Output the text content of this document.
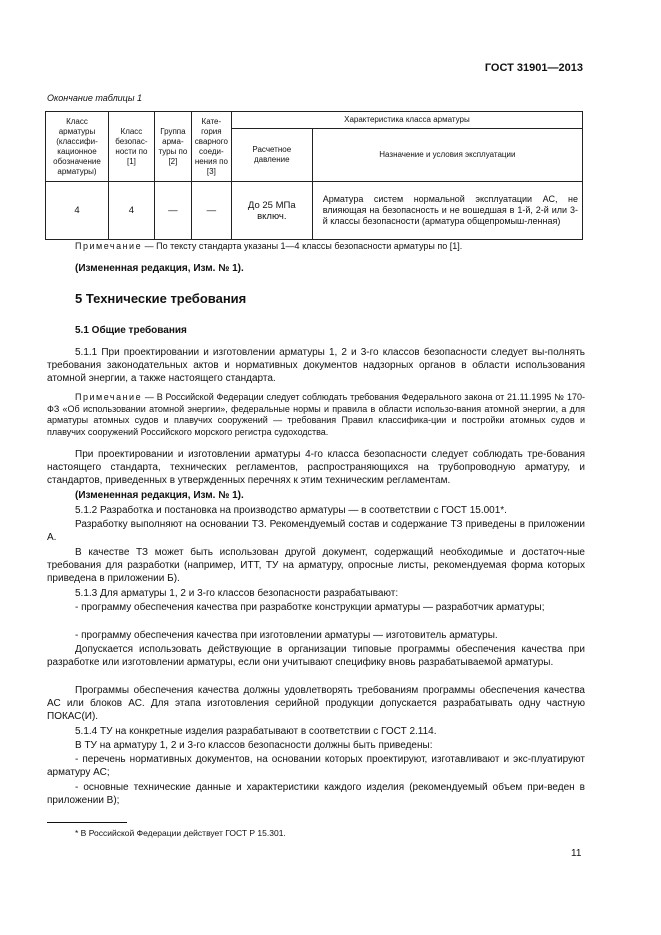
ГОСТ 31901—2013
Окончание таблицы 1
Класс арматуры (классифи-кационное обозначение арматуры)	Класс безопас-ности по [1]	Группа арма-туры по [2]	Кате-гория сварного соеди-нения по [3]	Характеристика класса арматуры	
				Расчетное давление	Назначение и условия эксплуатации
4	4	—	—	До 25 МПа включ.	Арматура систем нормальной эксплуатации АС, не влияющая на безопасность и не вошедшая в 1-й, 2-й или 3-й классы безопасности (арматура общепромыш-ленная)

Примечание — По тексту стандарта указаны 1—4 классы безопасности арматуры по [1].

(Измененная редакция, Изм. № 1).

5 Технические требования
5.1 Общие требования

5.1.1 При проектировании и изготовлении арматуры 1, 2 и 3-го классов безопасности следует вы-полнять требования законодательных актов и нормативных документов надзорных органов в области использования атомной энергии, а также настоящего стандарта.

Примечание — В Российской Федерации следует соблюдать требования Федерального закона от 21.11.1995 № 170-ФЗ «Об использовании атомной энергии», федеральные нормы и правила в области использо-вания атомной энергии, а для арматуры атомных судов и плавучих сооружений — требования Правил классифика-ции и постройки атомных судов и плавучих сооружений Российского морского регистра судоходства.

При проектировании и изготовлении арматуры 4-го класса безопасности следует соблюдать тре-бования настоящего стандарта, технических регламентов, распространяющихся на трубопроводную арматуру, и стандартов, приведенных в утвержденных перечнях к этим техническим регламентам.

(Измененная редакция, Изм. № 1).

5.1.2 Разработка и постановка на производство арматуры — в соответствии с ГОСТ 15.001*.

Разработку выполняют на основании ТЗ. Рекомендуемый состав и содержание ТЗ приведены в приложении А.

В качестве ТЗ может быть использован другой документ, содержащий необходимые и достаточ-ные требования для разработки (например, ИТТ, ТУ на арматуру, опросные листы, рекомендуемая форма которых приведена в приложении Б).

5.1.3 Для арматуры 1, 2 и 3-го классов безопасности разрабатывают:

- программу обеспечения качества при разработке конструкции арматуры — разработчик арматуры;

- программу обеспечения качества при изготовлении арматуры — изготовитель арматуры.

Допускается использовать действующие в организации типовые программы обеспечения качества при разработке или изготовлении арматуры, если они учитывают специфику вновь разрабатываемой арматуры.

Программы обеспечения качества должны удовлетворять требованиям программы обеспечения качества АС или блоков АС. Для этапа изготовления серийной продукции допускается разрабатывать одну частную ПОКАС(И).

5.1.4 ТУ на конкретные изделия разрабатывают в соответствии с ГОСТ 2.114.

В ТУ на арматуру 1, 2 и 3-го классов безопасности должны быть приведены:

- перечень нормативных документов, на основании которых проектируют, изготавливают и экс-плуатируют арматуру АС;

- основные технические данные и характеристики каждого изделия (рекомендуемый объем при-веден в приложении В);

* В Российской Федерации действует ГОСТ Р 15.301.
11
